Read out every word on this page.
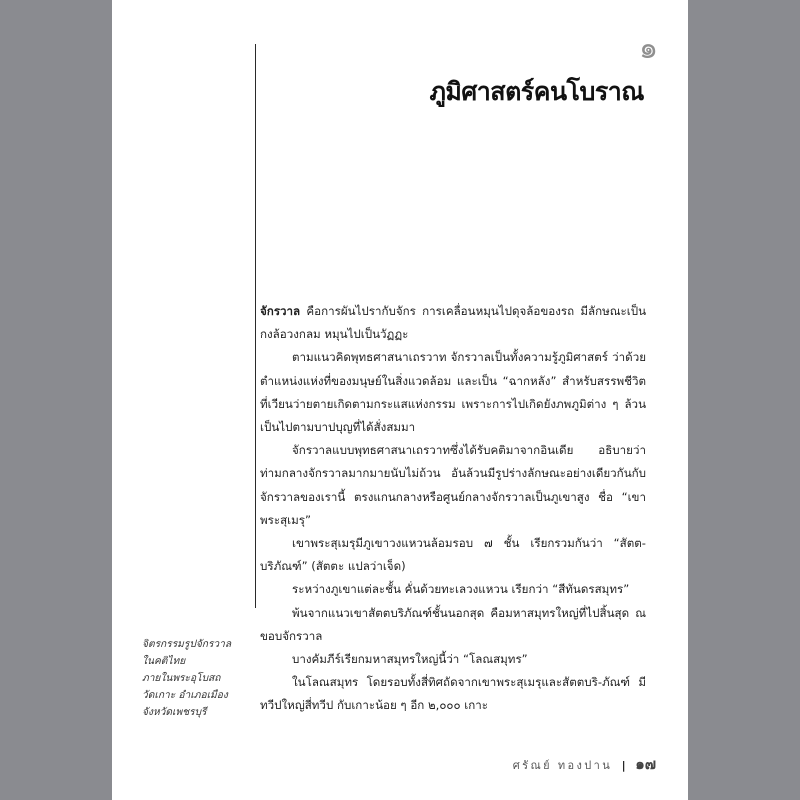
๑
ภูมิศาสตร์คนโบราณ

จักรวาล คือการผันไปรากับจักร การเคลื่อนหมุนไปดุจล้อของรถ มีลักษณะเป็นกงล้อวงกลม หมุนไปเป็นวัฏฏะ

ตามแนวคิดพุทธศาสนาเถรวาท จักรวาลเป็นทั้งความรู้ภูมิศาสตร์ ว่าด้วยตำแหน่งแห่งที่ของมนุษย์ในสิ่งแวดล้อม และเป็น “ฉากหลัง” สำหรับสรรพชีวิตที่เวียนว่ายตายเกิดตามกระแสแห่งกรรม เพราะการไปเกิดยังภพภูมิต่าง ๆ ล้วนเป็นไปตามบาปบุญที่ได้สั่งสมมา

จักรวาลแบบพุทธศาสนาเถรวาทซึ่งได้รับคติมาจากอินเดีย อธิบายว่าท่ามกลางจักรวาลมากมายนับไม่ถ้วน อันล้วนมีรูปร่างลักษณะอย่างเดียวกันกับจักรวาลของเรานี้ ตรงแกนกลางหรือศูนย์กลางจักรวาลเป็นภูเขาสูง ชื่อ “เขาพระสุเมรุ”

เขาพระสุเมรุมีภูเขาวงแหวนล้อมรอบ ๗ ชั้น เรียกรวมกันว่า “สัตต-บริภัณฑ์” (สัตตะ แปลว่าเจ็ด)

ระหว่างภูเขาแต่ละชั้น คั่นด้วยทะเลวงแหวน เรียกว่า “สีทันดรสมุทร”

พ้นจากแนวเขาสัตตบริภัณฑ์ชั้นนอกสุด คือมหาสมุทรใหญ่ที่ไปสิ้นสุด ณ ขอบจักรวาล

บางคัมภีร์เรียกมหาสมุทรใหญ่นี้ว่า “โลณสมุทร”

ในโลณสมุทร โดยรอบทั้งสี่ทิศถัดจากเขาพระสุเมรุและสัตตบริ-ภัณฑ์ มีทวีปใหญ่สี่ทวีป กับเกาะน้อย ๆ อีก ๒,๐๐๐ เกาะ

จิตรกรรมรูปจักรวาล
ในคติไทย
ภายในพระอุโบสถ
วัดเกาะ อำเภอเมือง
จังหวัดเพชรบุรี
ศรัณย์ ทองปาน | ๑๗
